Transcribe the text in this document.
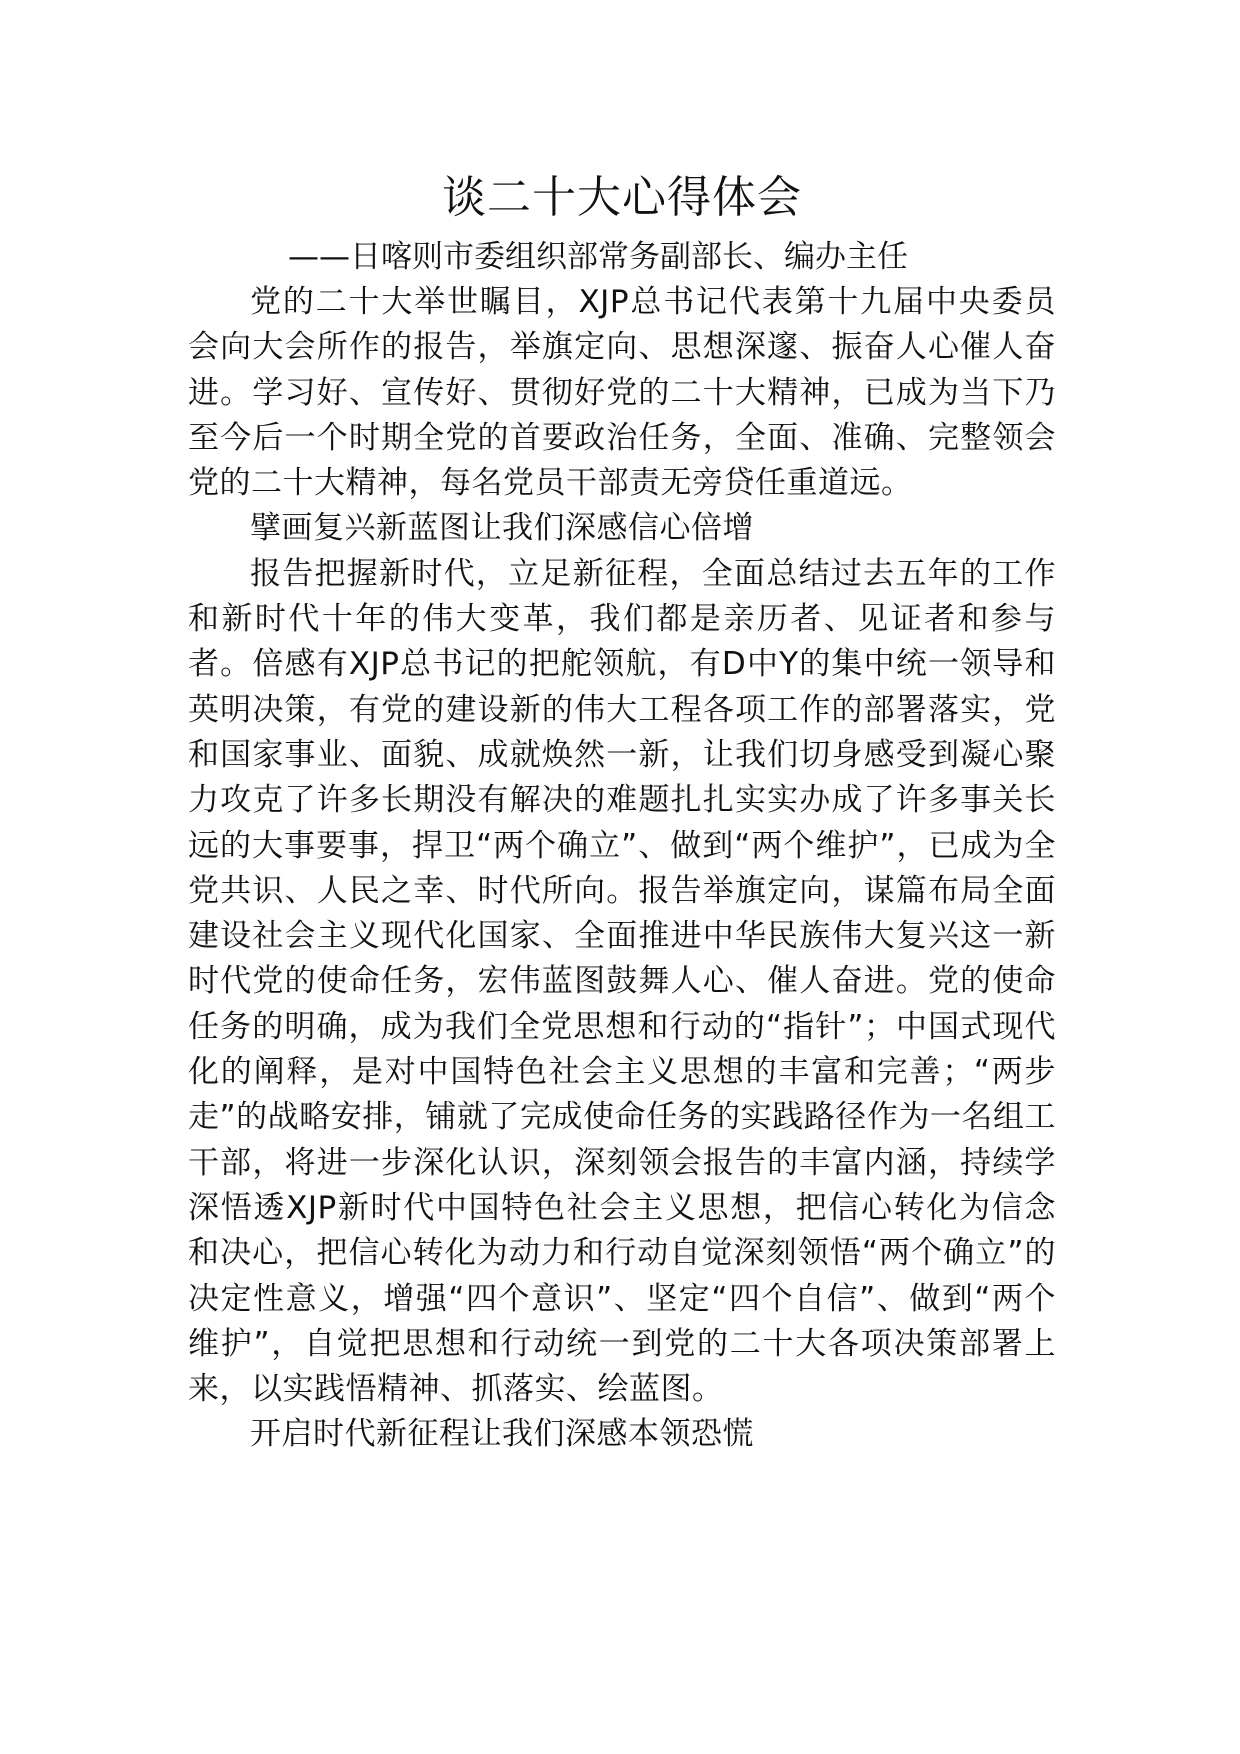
谈二十大心得体会

——日喀则市委组织部常务副部长、编办主任

党的二十大举世瞩目，XJP总书记代表第十九届中央委员会向大会所作的报告，举旗定向、思想深邃、振奋人心催人奋进。学习好、宣传好、贯彻好党的二十大精神，已成为当下乃至今后一个时期全党的首要政治任务，全面、准确、完整领会党的二十大精神，每名党员干部责无旁贷任重道远。

擘画复兴新蓝图让我们深感信心倍增

报告把握新时代，立足新征程，全面总结过去五年的工作和新时代十年的伟大变革，我们都是亲历者、见证者和参与者。倍感有XJP总书记的把舵领航，有D中Y的集中统一领导和英明决策，有党的建设新的伟大工程各项工作的部署落实，党和国家事业、面貌、成就焕然一新，让我们切身感受到凝心聚力攻克了许多长期没有解决的难题扎扎实实办成了许多事关长远的大事要事，捍卫“两个确立”、做到“两个维护”，已成为全党共识、人民之幸、时代所向。报告举旗定向，谋篇布局全面建设社会主义现代化国家、全面推进中华民族伟大复兴这一新时代党的使命任务，宏伟蓝图鼓舞人心、催人奋进。党的使命任务的明确，成为我们全党思想和行动的“指针”；中国式现代化的阐释，是对中国特色社会主义思想的丰富和完善；“两步走”的战略安排，铺就了完成使命任务的实践路径作为一名组工干部，将进一步深化认识，深刻领会报告的丰富内涵，持续学深悟透XJP新时代中国特色社会主义思想，把信心转化为信念和决心，把信心转化为动力和行动自觉深刻领悟“两个确立”的决定性意义，增强“四个意识”、坚定“四个自信”、做到“两个维护”，自觉把思想和行动统一到党的二十大各项决策部署上来，以实践悟精神、抓落实、绘蓝图。

开启时代新征程让我们深感本领恐慌
